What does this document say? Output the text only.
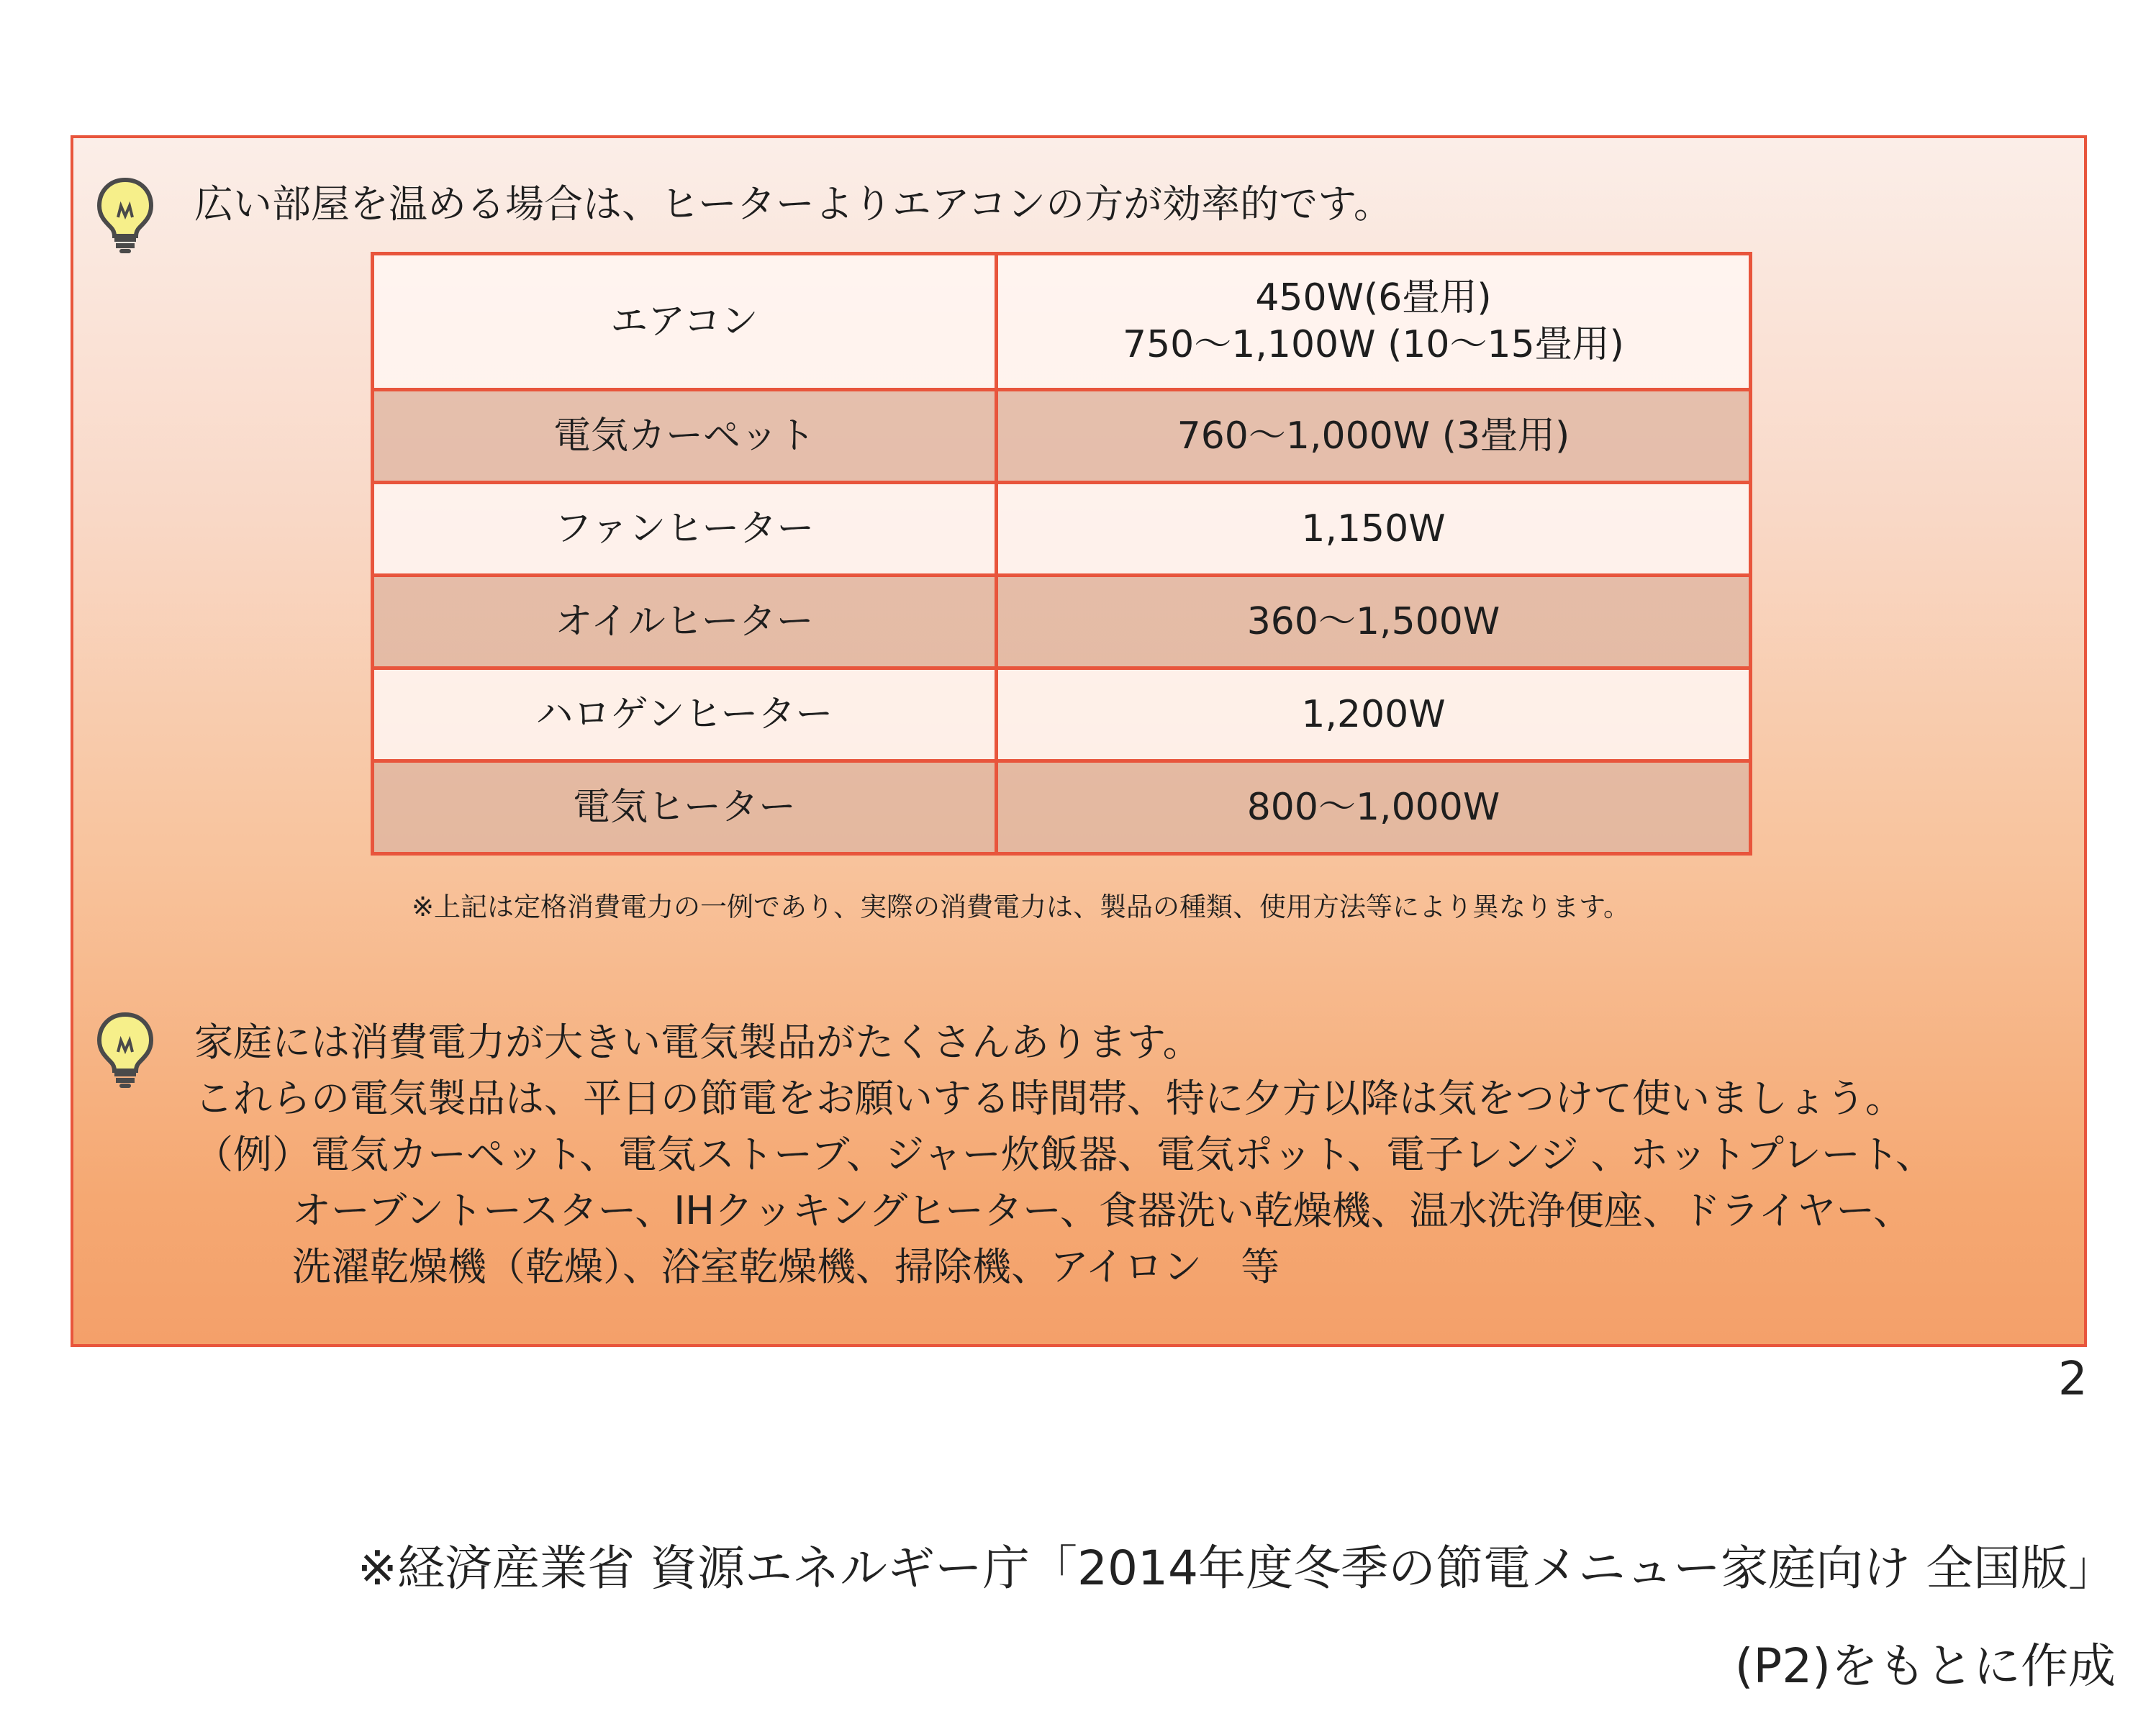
広い部屋を温める場合は、ヒーターよりエアコンの方が効率的です。
エアコン	450W(6畳用)
750～1,100W (10～15畳用)

電気カーペット	760～1,000W (3畳用)
ファンヒーター	1,150W
オイルヒーター	360～1,500W
ハロゲンヒーター	1,200W
電気ヒーター	800～1,000W
※上記は定格消費電力の一例であり、実際の消費電力は、製品の種類、使用方法等により異なります。
家庭には消費電力が大きい電気製品がたくさんあります。
これらの電気製品は、平日の節電をお願いする時間帯、特に夕方以降は気をつけて使いましょう。
（例）電気カーペット、電気ストーブ、ジャー炊飯器、電気ポット、電子レンジ 、ホットプレート、
オーブントースター、IHクッキングヒーター、食器洗い乾燥機、温水洗浄便座、ドライヤー、
洗濯乾燥機（乾燥）、浴室乾燥機、掃除機、アイロン　等
2
※経済産業省 資源エネルギー庁「2014年度冬季の節電メニュー家庭向け 全国版」
(P2)をもとに作成
